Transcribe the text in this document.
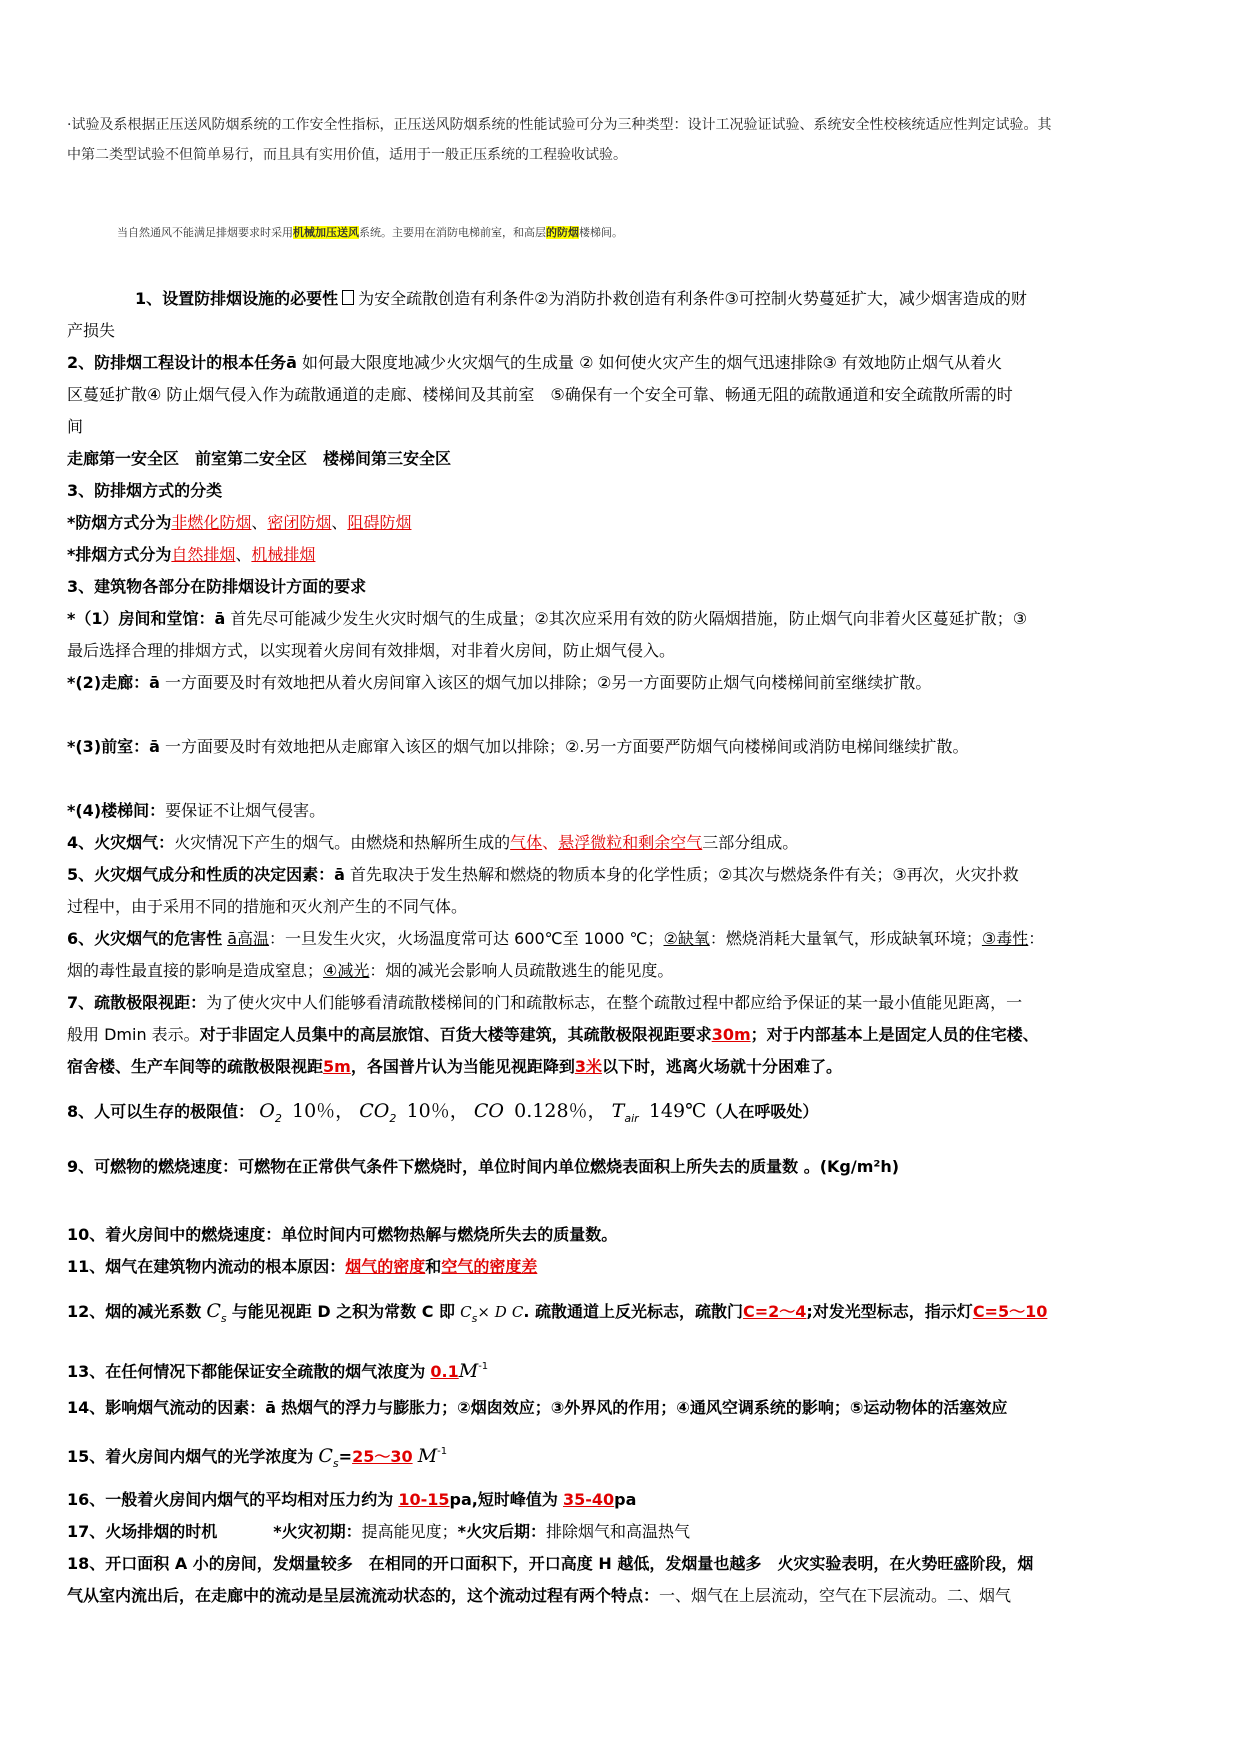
·试验及系根据正压送风防烟系统的工作安全性指标，正压送风防烟系统的性能试验可分为三种类型：设计工况验证试验、系统安全性校核统适应性判定试验。其
中第二类型试验不但简单易行，而且具有实用价值，适用于一般正压系统的工程验收试验。
当自然通风不能满足排烟要求时采用机械加压送风系统。主要用在消防电梯前室，和高层的防烟楼梯间。

1、设置防排烟设施的必要性 为安全疏散创造有利条件②为消防扑救创造有利条件③可控制火势蔓延扩大，减少烟害造成的财

产损失

2、防排烟工程设计的根本任务ā 如何最大限度地减少火灾烟气的生成量 ② 如何使火灾产生的烟气迅速排除③ 有效地防止烟气从着火

区蔓延扩散④ 防止烟气侵入作为疏散通道的走廊、楼梯间及其前室　⑤确保有一个安全可靠、畅通无阻的疏散通道和安全疏散所需的时

间

走廊第一安全区　前室第二安全区　楼梯间第三安全区

3、防排烟方式的分类

*防烟方式分为非燃化防烟、密闭防烟、阻碍防烟

*排烟方式分为自然排烟、机械排烟

3、建筑物各部分在防排烟设计方面的要求

*（1）房间和堂馆：ā 首先尽可能减少发生火灾时烟气的生成量；②其次应采用有效的防火隔烟措施，防止烟气向非着火区蔓延扩散；③

最后选择合理的排烟方式，以实现着火房间有效排烟，对非着火房间，防止烟气侵入。

*(2)走廊：ā 一方面要及时有效地把从着火房间窜入该区的烟气加以排除；②另一方面要防止烟气向楼梯间前室继续扩散。

*(3)前室：ā 一方面要及时有效地把从走廊窜入该区的烟气加以排除；②.另一方面要严防烟气向楼梯间或消防电梯间继续扩散。

*(4)楼梯间：要保证不让烟气侵害。

4、火灾烟气：火灾情况下产生的烟气。由燃烧和热解所生成的气体、悬浮微粒和剩余空气三部分组成。

5、火灾烟气成分和性质的决定因素：ā 首先取决于发生热解和燃烧的物质本身的化学性质；②其次与燃烧条件有关；③再次，火灾扑救

过程中，由于采用不同的措施和灭火剂产生的不同气体。

6、火灾烟气的危害性 ā高温：一旦发生火灾，火场温度常可达 600℃至 1000 ℃；②缺氧：燃烧消耗大量氧气，形成缺氧环境；③毒性：

烟的毒性最直接的影响是造成窒息；④减光：烟的减光会影响人员疏散逃生的能见度。

7、疏散极限视距：为了使火灾中人们能够看清疏散楼梯间的门和疏散标志，在整个疏散过程中都应给予保证的某一最小值能见距离，一

般用 Dmin 表示。对于非固定人员集中的高层旅馆、百货大楼等建筑，其疏散极限视距要求30m；对于内部基本上是固定人员的住宅楼、

宿舍楼、生产车间等的疏散极限视距5m，各国普片认为当能见视距降到3米以下时，逃离火场就十分困难了。

8、人可以生存的极限值： $O_2$ 10％， $CO_2$ 10％， CO 0.128％， $T_{air}$ 149℃（人在呼吸处）

9、可燃物的燃烧速度：可燃物在正常供气条件下燃烧时，单位时间内单位燃烧表面积上所失去的质量数 。(Kg/m²h)

10、着火房间中的燃烧速度：单位时间内可燃物热解与燃烧所失去的质量数。

11、烟气在建筑物内流动的根本原因：烟气的密度和空气的密度差

12、烟的减光系数 $C_s$ 与能见视距 D 之积为常数 C 即 $C_s\times D$ C. 疏散通道上反光标志，疏散门C=2～4;对发光型标志，指示灯C=5～10

13、在任何情况下都能保证安全疏散的烟气浓度为 $0.1M^{-1}$

14、影响烟气流动的因素：ā 热烟气的浮力与膨胀力；②烟囱效应；③外界风的作用；④通风空调系统的影响；⑤运动物体的活塞效应

15、着火房间内烟气的光学浓度为 $C_s=25\sim 30$ $M^{-1}$

16、一般着火房间内烟气的平均相对压力约为 10-15pa,短时峰值为 35-40pa

17、火场排烟的时机	*火灾初期：提高能见度；*火灾后期：排除烟气和高温热气

18、开口面积 A 小的房间，发烟量较多　在相同的开口面积下，开口高度 H 越低，发烟量也越多　火灾实验表明，在火势旺盛阶段，烟

气从室内流出后，在走廊中的流动是呈层流流动状态的，这个流动过程有两个特点：一、烟气在上层流动，空气在下层流动。二、烟气
